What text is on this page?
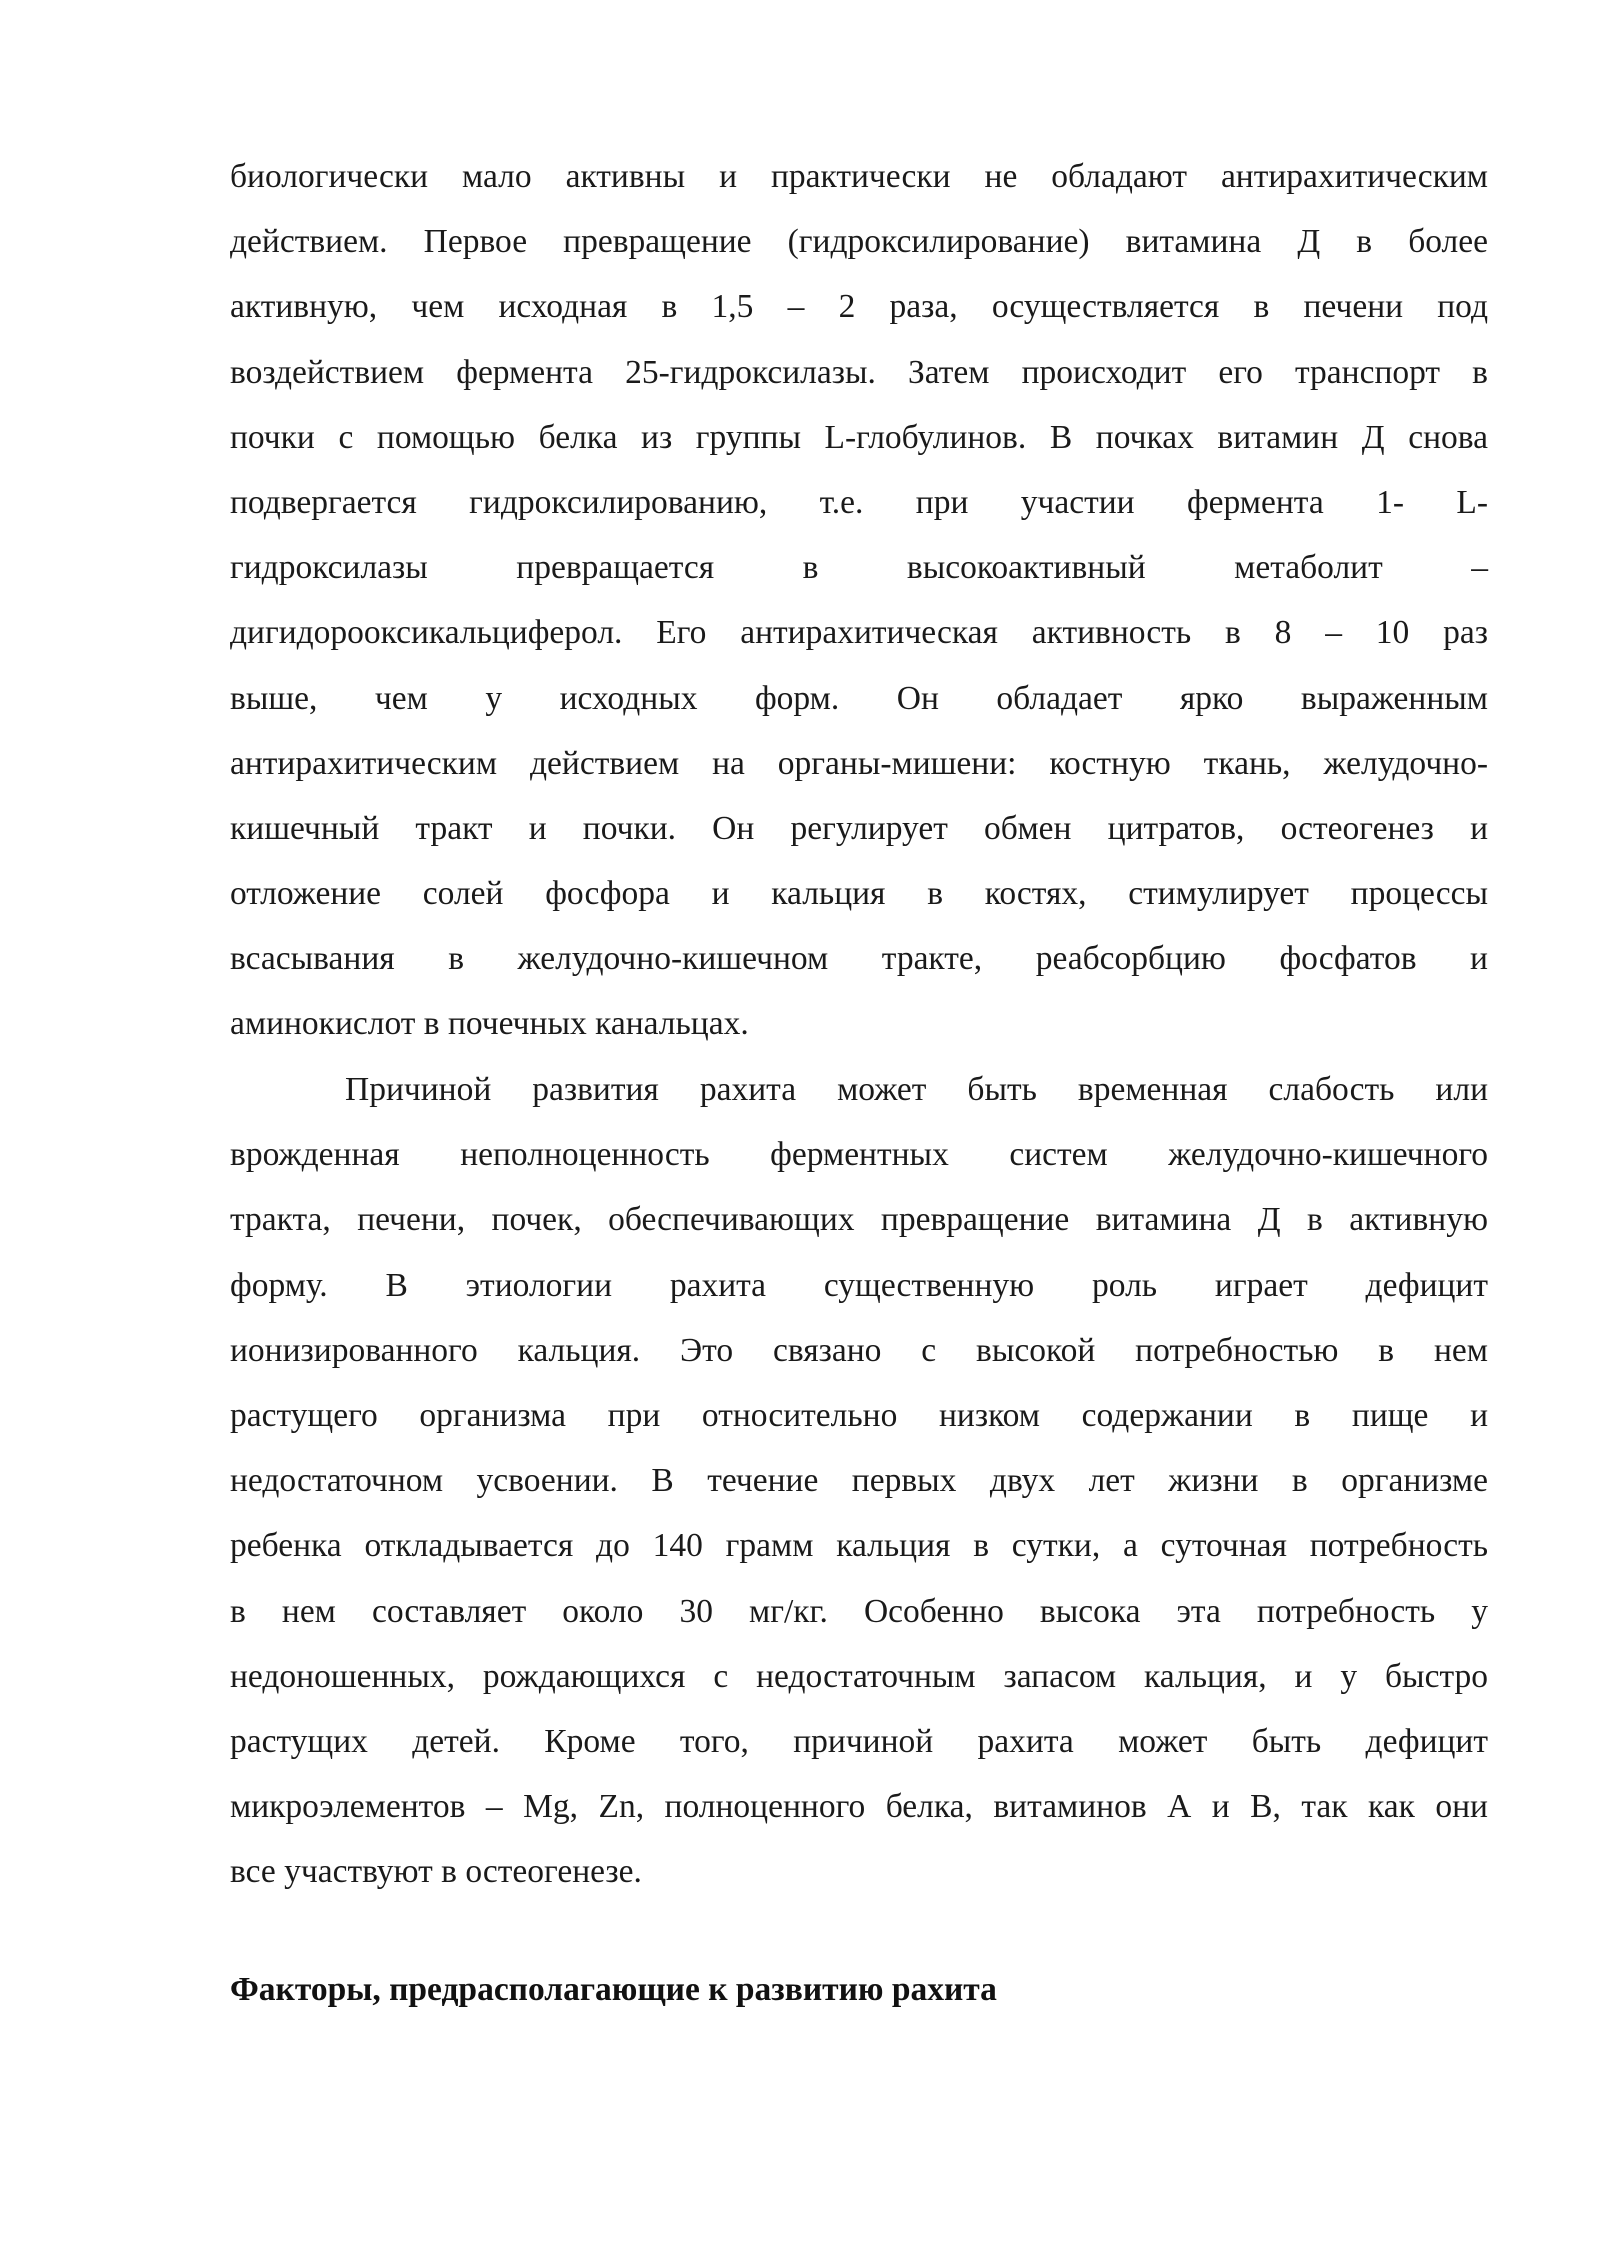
биологически мало активны и практически не обладают антирахитическим
действием. Первое превращение (гидроксилирование) витамина Д в более
активную, чем исходная в 1,5 – 2 раза, осуществляется в печени под
воздействием фермента 25-гидроксилазы. Затем происходит его транспорт в
почки с помощью белка из группы L-глобулинов. В почках витамин Д снова
подвергается гидроксилированию, т.е. при участии фермента 1- L-
гидроксилазы превращается в высокоактивный метаболит –
дигидорооксикальциферол. Его антирахитическая активность в 8 – 10 раз
выше, чем у исходных форм. Он обладает ярко выраженным
антирахитическим действием на органы-мишени: костную ткань, желудочно-
кишечный тракт и почки. Он регулирует обмен цитратов, остеогенез и
отложение солей фосфора и кальция в костях, стимулирует процессы
всасывания в желудочно-кишечном тракте, реабсорбцию фосфатов и
аминокислот в почечных канальцах.
Причиной развития рахита может быть временная слабость или
врожденная неполноценность ферментных систем желудочно-кишечного
тракта, печени, почек, обеспечивающих превращение витамина Д в активную
форму. В этиологии рахита существенную роль играет дефицит
ионизированного кальция. Это связано с высокой потребностью в нем
растущего организма при относительно низком содержании в пище и
недостаточном усвоении. В течение первых двух лет жизни в организме
ребенка откладывается до 140 грамм кальция в сутки, а суточная потребность
в нем составляет около 30 мг/кг. Особенно высока эта потребность у
недоношенных, рождающихся с недостаточным запасом кальция, и у быстро
растущих детей. Кроме того, причиной рахита может быть дефицит
микроэлементов – Mg, Zn, полноценного белка, витаминов А и В, так как они
все участвуют в остеогенезе.
Факторы, предрасполагающие к развитию рахита
